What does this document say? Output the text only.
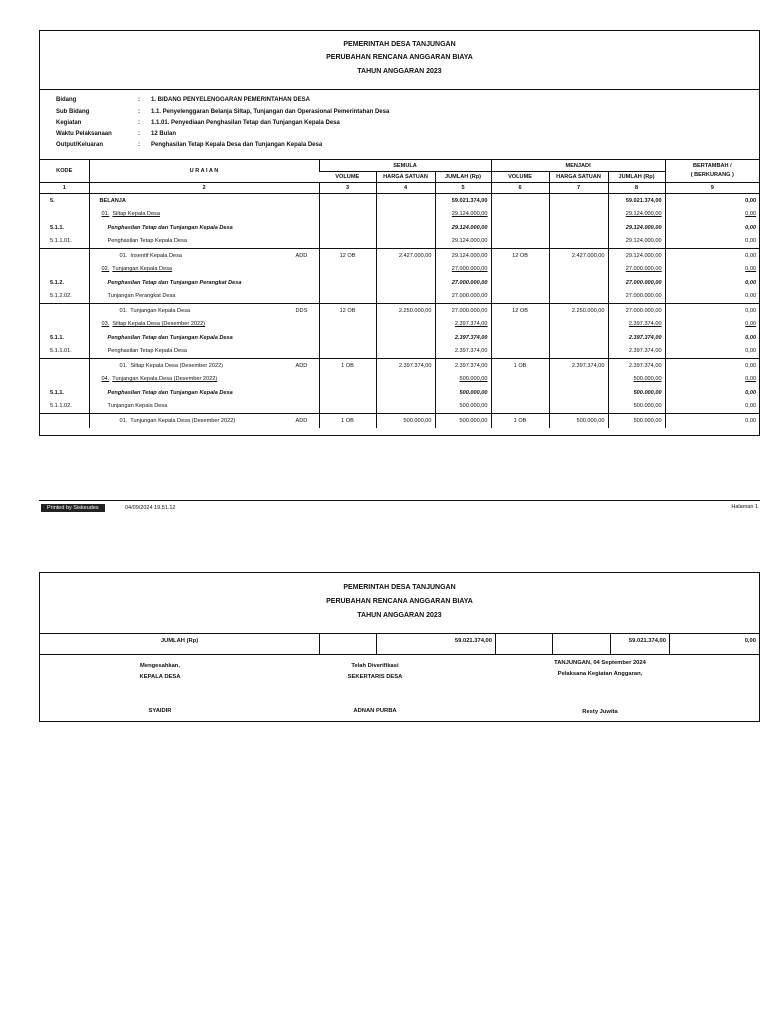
PEMERINTAH DESA TANJUNGAN
PERUBAHAN RENCANA ANGGARAN BIAYA
TAHUN ANGGARAN 2023
Bidang	: 1. BIDANG PENYELENGGARAN PEMERINTAHAN DESA
Sub Bidang	: 1.1. Penyelenggaran Belanja Siltap, Tunjangan dan Operasional Pemerintahan Desa
Kegiatan	: 1.1.01. Penyediaan Penghasilan Tetap dan Tunjangan Kepala Desa
Waktu Pelaksanaan	: 12 Bulan
Output/Keluaran	: Penghasilan Tetap Kepala Desa dan Tunjangan Kepala Desa
KODE	U R A I A N	SEMULA			MENJADI			BERTAMBAH /
( BERKURANG )
		VOLUME	HARGA SATUAN	JUMLAH (Rp)	VOLUME	HARGA SATUAN	JUMLAH (Rp)	
1	2	3	4	5	6	7	8	9
5.	BELANJA			59.021.374,00			59.021.374,00	0,00
	01. Siltap Kepala Desa			29.124.000,00			29.124.000,00	0,00
5.1.1.	Penghasilan Tetap dan Tunjangan Kepala Desa			29.124.000,00			29.124.000,00	0,00
5.1.1.01.	Penghasilan Tetap Kepala Desa			29.124.000,00			29.124.000,00	0,00
	01. Insentif Kepala Desa ADD	12 OB	2.427.000,00	29.124.000,00	12 OB	2.427.000,00	29.124.000,00	0,00
	02. Tunjangan Kepala Desa			27.000.000,00			27.000.000,00	0,00
5.1.2.	Penghasilan Tetap dan Tunjangan Perangkat Desa			27.000.000,00			27.000.000,00	0,00
5.1.2.02.	Tunjangan Perangkat Desa			27.000.000,00			27.000.000,00	0,00
	01. Tunjangan Kepala Desa DDS	12 OB	2.250.000,00	27.000.000,00	12 OB	2.250.000,00	27.000.000,00	0,00
	03. Siltap Kepala Desa (Desember 2022)			2.397.374,00			2.397.374,00	0,00
5.1.1.	Penghasilan Tetap dan Tunjangan Kepala Desa			2.397.374,00			2.397.374,00	0,00
5.1.1.01.	Penghasilan Tetap Kepala Desa			2.397.374,00			2.397.374,00	0,00
	01. Siltap Kepala Desa (Desember 2022) ADD	1 OB	2.397.374,00	2.397.374,00	1 OB	2.397.374,00	2.397.374,00	0,00
	04. Tunjangan Kepala Desa (Desember 2022)			500.000,00			500.000,00	0,00
5.1.1.	Penghasilan Tetap dan Tunjangan Kepala Desa			500.000,00			500.000,00	0,00
5.1.1.02.	Tunjangan Kepala Desa			500.000,00			500.000,00	0,00
	01. Tunjungan Kepala Desa (Desember 2022) ADD	1 OB	500.000,00	500.000,00	1 OB	500.000,00	500.000,00	0,00
Printed by Siskeudes	04/09/2024 19.51.12	Halaman 1
PEMERINTAH DESA TANJUNGAN
PERUBAHAN RENCANA ANGGARAN BIAYA
TAHUN ANGGARAN 2023
JUMLAH (Rp)	59.021.374,00	59.021.374,00	0,00
Mengesahkan,
KEPALA DESA
SYAIDIR
Telah Diverifikasi
SEKERTARIS DESA
ADNAN PURBA
TANJUNGAN, 04 September 2024
Pelaksana Kegiatan Anggaran,
Resty Juwita
